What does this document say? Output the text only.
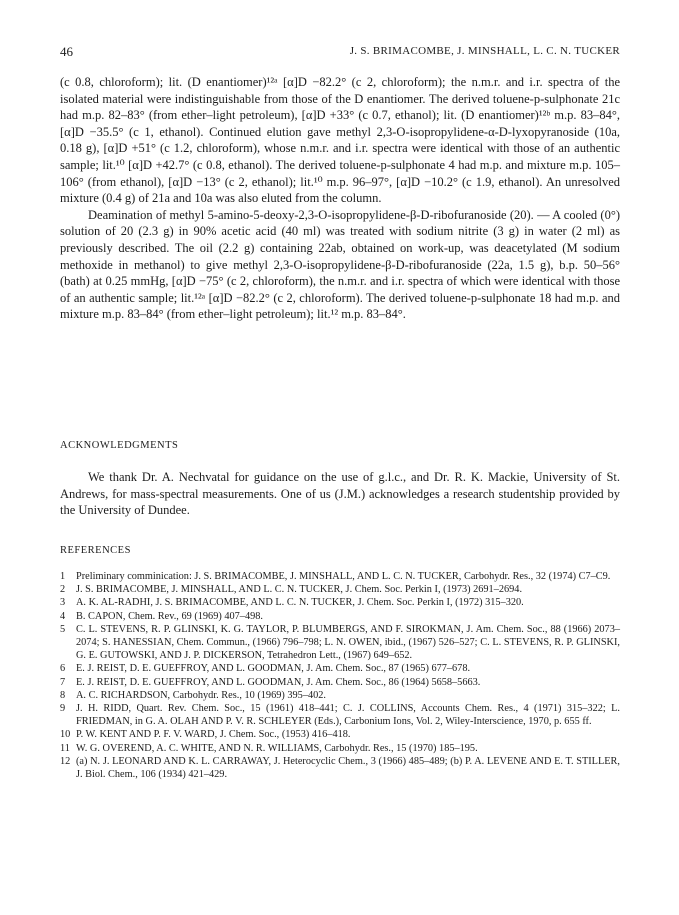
46	J. S. BRIMACOMBE, J. MINSHALL, L. C. N. TUCKER

(c 0.8, chloroform); lit. (D enantiomer)¹²ᵃ [α]D −82.2° (c 2, chloroform); the n.m.r. and i.r. spectra of the isolated material were indistinguishable from those of the D enantiomer. The derived toluene-p-sulphonate 21c had m.p. 82–83° (from ether–light petroleum), [α]D +33° (c 0.7, ethanol); lit. (D enantiomer)¹²ᵇ m.p. 83–84°, [α]D −35.5° (c 1, ethanol). Continued elution gave methyl 2,3-O-isopropylidene-α-D-lyxopyranoside (10a, 0.18 g), [α]D +51° (c 1.2, chloroform), whose n.m.r. and i.r. spectra were identical with those of an authentic sample; lit.¹⁰ [α]D +42.7° (c 0.8, ethanol). The derived toluene-p-sulphonate 4 had m.p. and mixture m.p. 105–106° (from ethanol), [α]D −13° (c 2, ethanol); lit.¹⁰ m.p. 96–97°, [α]D −10.2° (c 1.9, ethanol). An unresolved mixture (0.4 g) of 21a and 10a was also eluted from the column.

Deamination of methyl 5-amino-5-deoxy-2,3-O-isopropylidene-β-D-ribofuranoside (20). — A cooled (0°) solution of 20 (2.3 g) in 90% acetic acid (40 ml) was treated with sodium nitrite (3 g) in water (2 ml) as previously described. The oil (2.2 g) containing 22ab, obtained on work-up, was deacetylated (M sodium methoxide in methanol) to give methyl 2,3-O-isopropylidene-β-D-ribofuranoside (22a, 1.5 g), b.p. 50–56° (bath) at 0.25 mmHg, [α]D −75° (c 2, chloroform), the n.m.r. and i.r. spectra of which were identical with those of an authentic sample; lit.¹²ᵃ [α]D −82.2° (c 2, chloroform). The derived toluene-p-sulphonate 18 had m.p. and mixture m.p. 83–84° (from ether–light petroleum); lit.¹² m.p. 83–84°.

ACKNOWLEDGMENTS
We thank Dr. A. Nechvatal for guidance on the use of g.l.c., and Dr. R. K. Mackie, University of St. Andrews, for mass-spectral measurements. One of us (J.M.) acknowledges a research studentship provided by the University of Dundee.
REFERENCES
1 Preliminary comminication: J. S. BRIMACOMBE, J. MINSHALL, AND L. C. N. TUCKER, Carbohydr. Res., 32 (1974) C7–C9.
2 J. S. BRIMACOMBE, J. MINSHALL, AND L. C. N. TUCKER, J. Chem. Soc. Perkin I, (1973) 2691–2694.
3 A. K. AL-RADHI, J. S. BRIMACOMBE, AND L. C. N. TUCKER, J. Chem. Soc. Perkin I, (1972) 315–320.
4 B. CAPON, Chem. Rev., 69 (1969) 407–498.
5 C. L. STEVENS, R. P. GLINSKI, K. G. TAYLOR, P. BLUMBERGS, AND F. SIROKMAN, J. Am. Chem. Soc., 88 (1966) 2073–2074; S. HANESSIAN, Chem. Commun., (1966) 796–798; L. N. OWEN, ibid., (1967) 526–527; C. L. STEVENS, R. P. GLINSKI, G. E. GUTOWSKI, AND J. P. DICKERSON, Tetrahedron Lett., (1967) 649–652.
6 E. J. REIST, D. E. GUEFFROY, AND L. GOODMAN, J. Am. Chem. Soc., 87 (1965) 677–678.
7 E. J. REIST, D. E. GUEFFROY, AND L. GOODMAN, J. Am. Chem. Soc., 86 (1964) 5658–5663.
8 A. C. RICHARDSON, Carbohydr. Res., 10 (1969) 395–402.
9 J. H. RIDD, Quart. Rev. Chem. Soc., 15 (1961) 418–441; C. J. COLLINS, Accounts Chem. Res., 4 (1971) 315–322; L. FRIEDMAN, in G. A. OLAH AND P. V. R. SCHLEYER (Eds.), Carbonium Ions, Vol. 2, Wiley-Interscience, 1970, p. 655 ff.
10 P. W. KENT AND P. F. V. WARD, J. Chem. Soc., (1953) 416–418.
11 W. G. OVEREND, A. C. WHITE, AND N. R. WILLIAMS, Carbohydr. Res., 15 (1970) 185–195.
12 (a) N. J. LEONARD AND K. L. CARRAWAY, J. Heterocyclic Chem., 3 (1966) 485–489; (b) P. A. LEVENE AND E. T. STILLER, J. Biol. Chem., 106 (1934) 421–429.
